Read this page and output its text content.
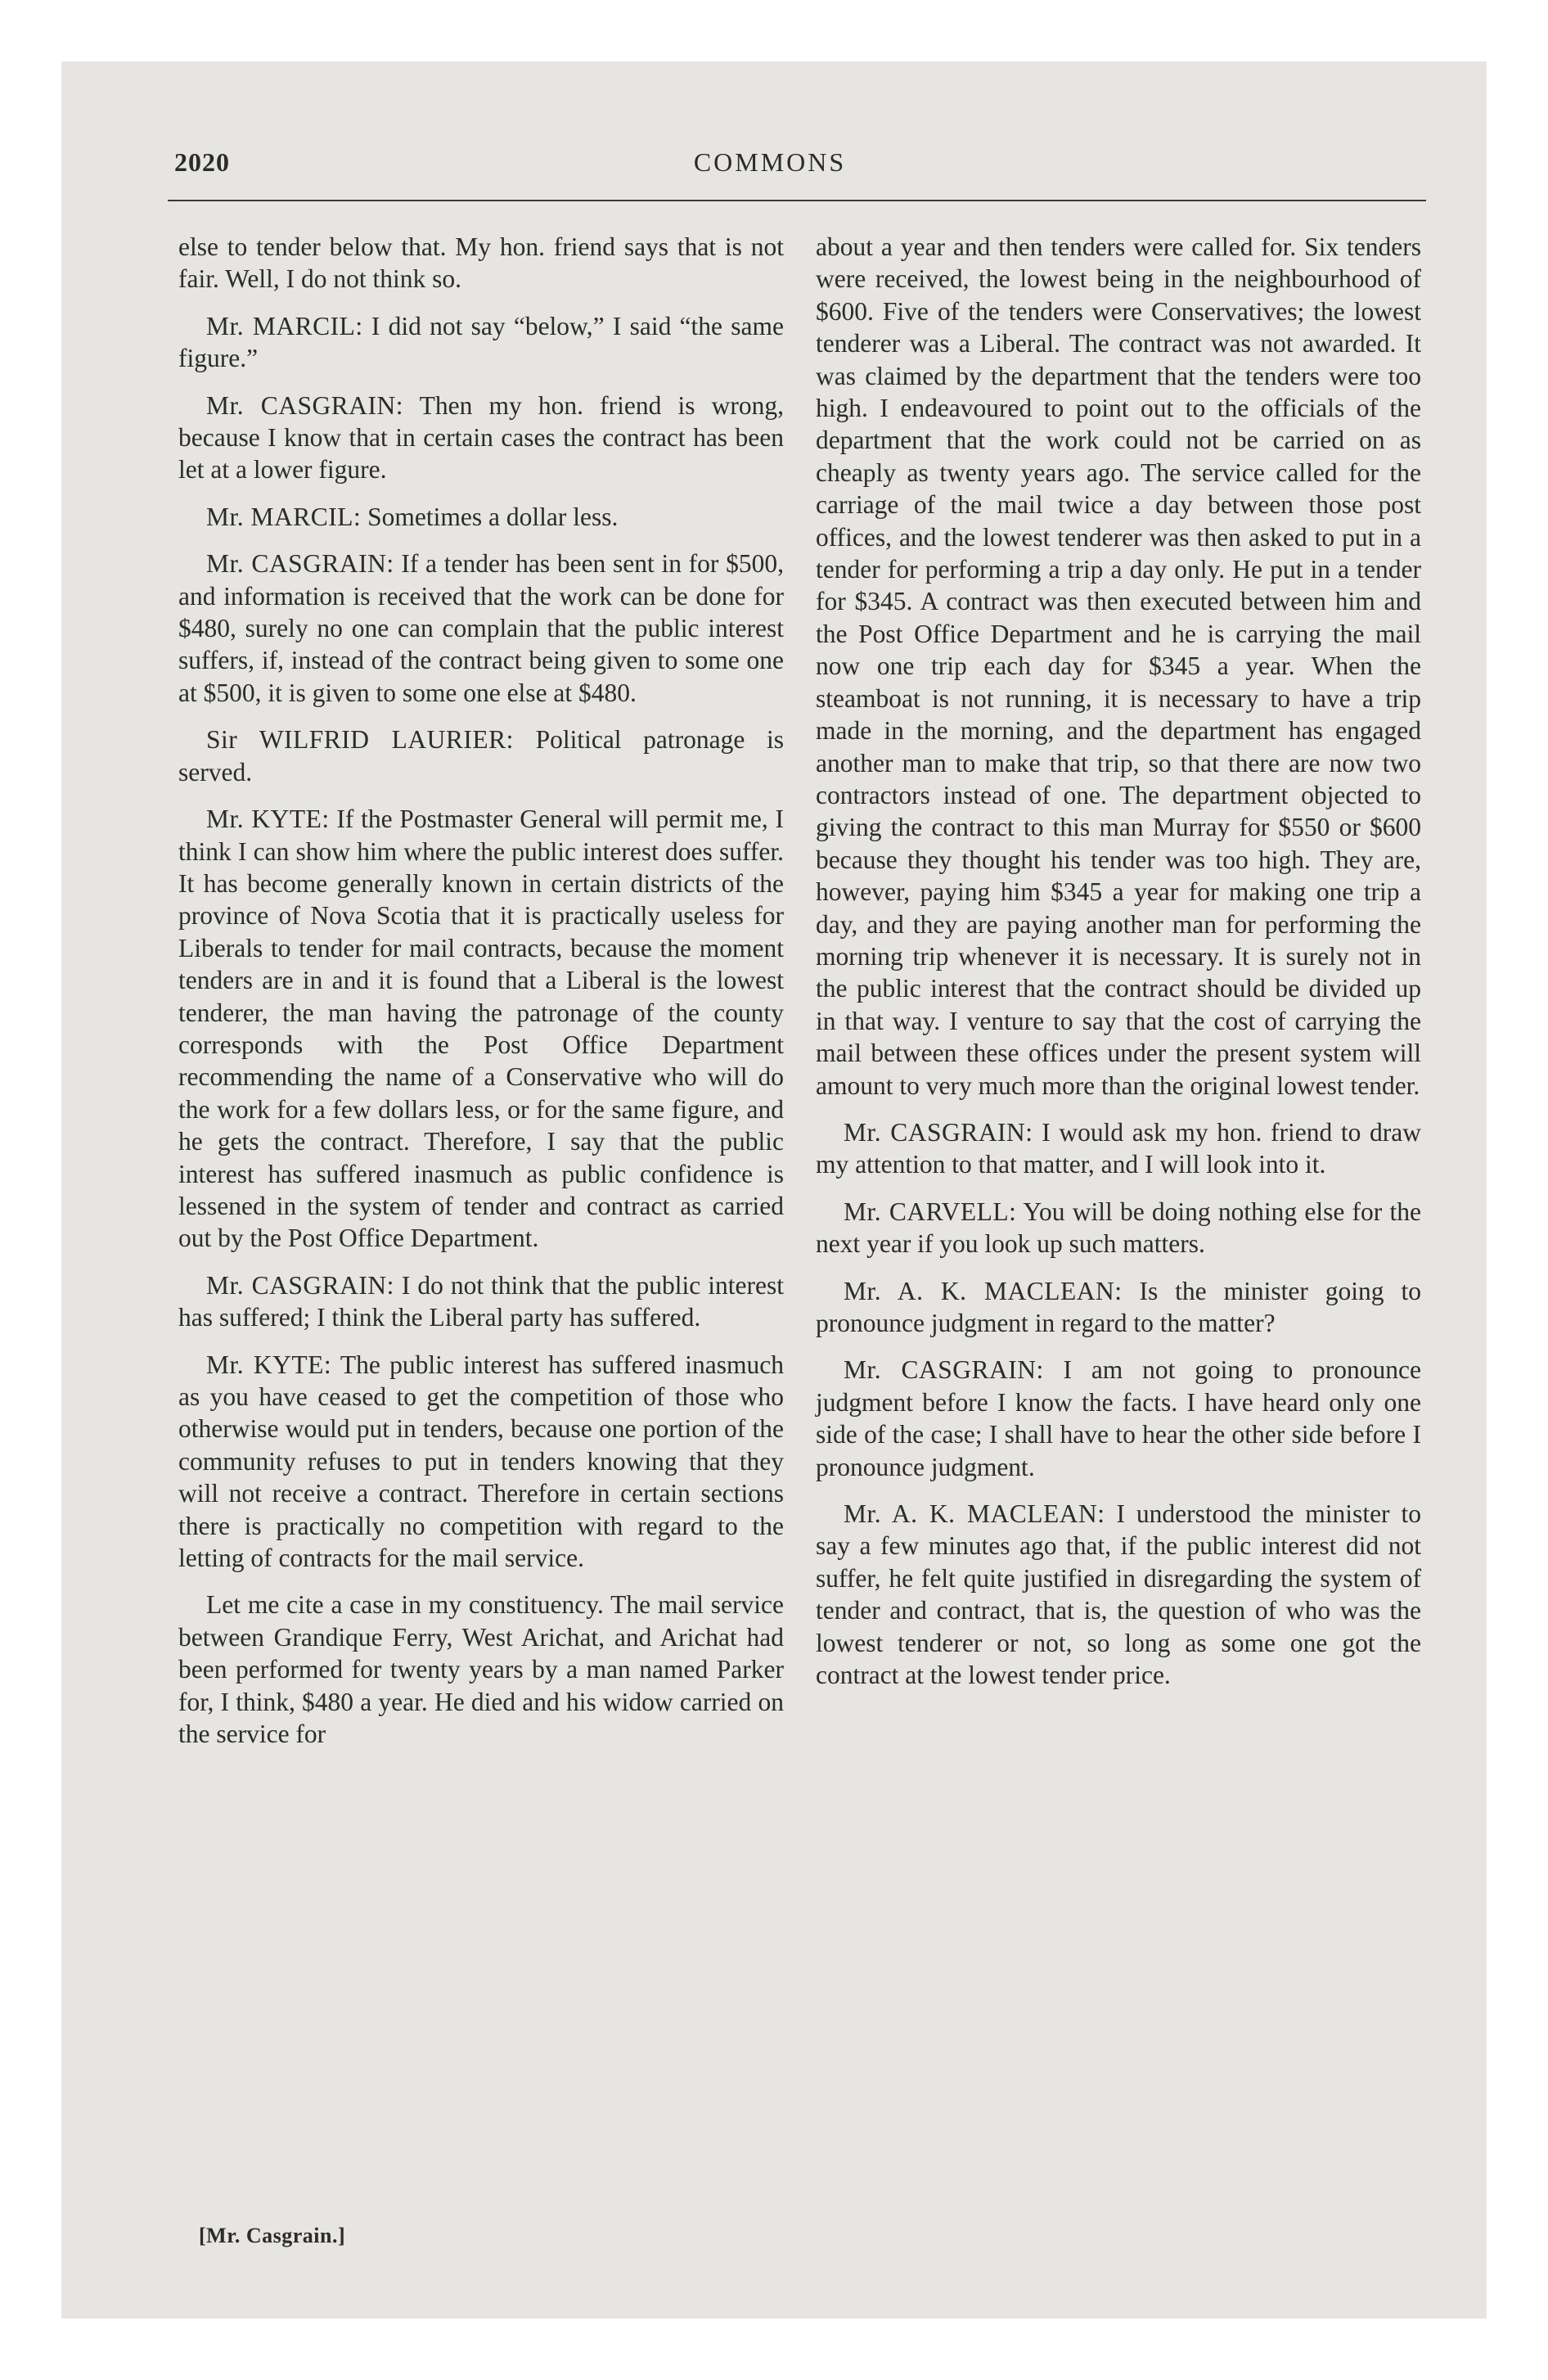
2020	COMMONS

else to tender below that. My hon. friend says that is not fair. Well, I do not think so.

Mr. MARCIL: I did not say “below,” I said “the same figure.”

Mr. CASGRAIN: Then my hon. friend is wrong, because I know that in certain cases the contract has been let at a lower figure.

Mr. MARCIL: Sometimes a dollar less.

Mr. CASGRAIN: If a tender has been sent in for $500, and information is received that the work can be done for $480, surely no one can complain that the public interest suffers, if, instead of the contract being given to some one at $500, it is given to some one else at $480.

Sir WILFRID LAURIER: Political patronage is served.

Mr. KYTE: If the Postmaster General will permit me, I think I can show him where the public interest does suffer. It has become generally known in certain districts of the province of Nova Scotia that it is practically useless for Liberals to tender for mail contracts, because the moment tenders are in and it is found that a Liberal is the lowest tenderer, the man having the patronage of the county corresponds with the Post Office Department recommending the name of a Conservative who will do the work for a few dollars less, or for the same figure, and he gets the contract. Therefore, I say that the public interest has suffered inasmuch as public confidence is lessened in the system of tender and contract as carried out by the Post Office Department.

Mr. CASGRAIN: I do not think that the public interest has suffered; I think the Liberal party has suffered.

Mr. KYTE: The public interest has suffered inasmuch as you have ceased to get the competition of those who otherwise would put in tenders, because one portion of the community refuses to put in tenders knowing that they will not receive a contract. Therefore in certain sections there is practically no competition with regard to the letting of contracts for the mail service.

Let me cite a case in my constituency. The mail service between Grandique Ferry, West Arichat, and Arichat had been performed for twenty years by a man named Parker for, I think, $480 a year. He died and his widow carried on the service for

about a year and then tenders were called for. Six tenders were received, the lowest being in the neighbourhood of $600. Five of the tenders were Conservatives; the lowest tenderer was a Liberal. The contract was not awarded. It was claimed by the department that the tenders were too high. I endeavoured to point out to the officials of the department that the work could not be carried on as cheaply as twenty years ago. The service called for the carriage of the mail twice a day between those post offices, and the lowest tenderer was then asked to put in a tender for performing a trip a day only. He put in a tender for $345. A contract was then executed between him and the Post Office Department and he is carrying the mail now one trip each day for $345 a year. When the steamboat is not running, it is necessary to have a trip made in the morning, and the department has engaged another man to make that trip, so that there are now two contractors instead of one. The department objected to giving the contract to this man Murray for $550 or $600 because they thought his tender was too high. They are, however, paying him $345 a year for making one trip a day, and they are paying another man for performing the morning trip whenever it is necessary. It is surely not in the public interest that the contract should be divided up in that way. I venture to say that the cost of carrying the mail between these offices under the present system will amount to very much more than the original lowest tender.

Mr. CASGRAIN: I would ask my hon. friend to draw my attention to that matter, and I will look into it.

Mr. CARVELL: You will be doing nothing else for the next year if you look up such matters.

Mr. A. K. MACLEAN: Is the minister going to pronounce judgment in regard to the matter?

Mr. CASGRAIN: I am not going to pronounce judgment before I know the facts. I have heard only one side of the case; I shall have to hear the other side before I pronounce judgment.

Mr. A. K. MACLEAN: I understood the minister to say a few minutes ago that, if the public interest did not suffer, he felt quite justified in disregarding the system of tender and contract, that is, the question of who was the lowest tenderer or not, so long as some one got the contract at the lowest tender price.

[Mr. Casgrain.]
